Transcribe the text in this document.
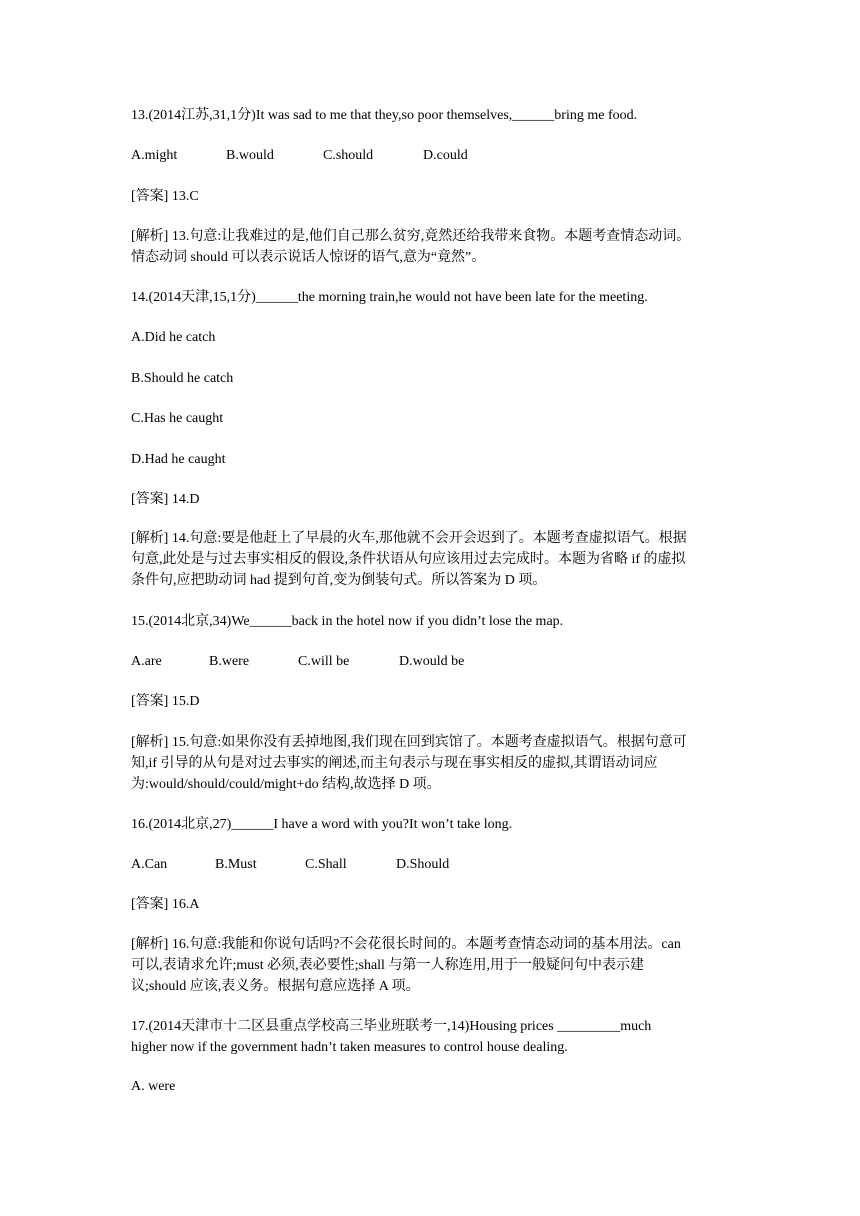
13.(2014江苏,31,1分)It was sad to me that they,so poor themselves,______bring me food.
A.might	B.would	C.should	D.could
[答案] 13.C
[解析] 13.句意:让我难过的是,他们自己那么贫穷,竟然还给我带来食物。本题考查情态动词。
情态动词 should 可以表示说话人惊讶的语气,意为“竟然”。
14.(2014天津,15,1分)______the morning train,he would not have been late for the meeting.
A.Did he catch
B.Should he catch
C.Has he caught
D.Had he caught
[答案] 14.D
[解析] 14.句意:要是他赶上了早晨的火车,那他就不会开会迟到了。本题考查虚拟语气。根据
句意,此处是与过去事实相反的假设,条件状语从句应该用过去完成时。本题为省略 if 的虚拟
条件句,应把助动词 had 提到句首,变为倒装句式。所以答案为 D 项。
15.(2014北京,34)We______back in the hotel now if you didn’t lose the map.
A.are	B.were	C.will be	D.would be
[答案] 15.D
[解析] 15.句意:如果你没有丢掉地图,我们现在回到宾馆了。本题考查虚拟语气。根据句意可
知,if 引导的从句是对过去事实的阐述,而主句表示与现在事实相反的虚拟,其谓语动词应
为:would/should/could/might+do 结构,故选择 D 项。
16.(2014北京,27)______I have a word with you?It won’t take long.
A.Can	B.Must	C.Shall	D.Should
[答案] 16.A
[解析] 16.句意:我能和你说句话吗?不会花很长时间的。本题考查情态动词的基本用法。can
可以,表请求允许;must 必须,表必要性;shall 与第一人称连用,用于一般疑问句中表示建
议;should 应该,表义务。根据句意应选择 A 项。
17.(2014天津市十二区县重点学校高三毕业班联考一,14)Housing prices _________much
higher now if the government hadn’t taken measures to control house dealing.
A. were
